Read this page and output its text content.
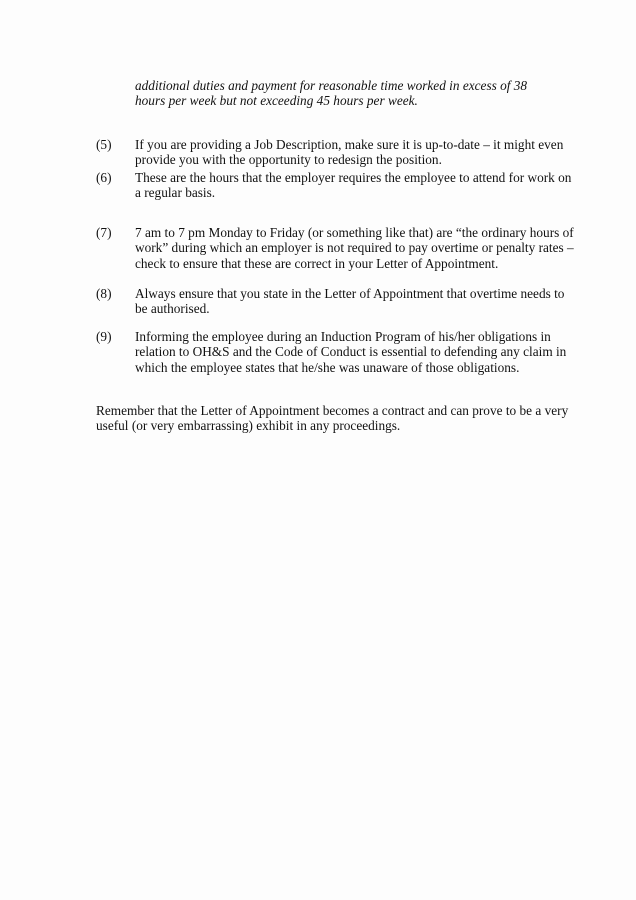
additional duties and payment for reasonable time worked in excess of 38
hours per week but not exceeding 45 hours per week.
(5) If you are providing a Job Description, make sure it is up-to-date – it might even
provide you with the opportunity to redesign the position.
(6) These are the hours that the employer requires the employee to attend for work on
a regular basis.
(7) 7 am to 7 pm Monday to Friday (or something like that) are “the ordinary hours of
work” during which an employer is not required to pay overtime or penalty rates –
check to ensure that these are correct in your Letter of Appointment.
(8) Always ensure that you state in the Letter of Appointment that overtime needs to
be authorised.
(9) Informing the employee during an Induction Program of his/her obligations in
relation to OH&S and the Code of Conduct is essential to defending any claim in
which the employee states that he/she was unaware of those obligations.
Remember that the Letter of Appointment becomes a contract and can prove to be a very
useful (or very embarrassing) exhibit in any proceedings.
